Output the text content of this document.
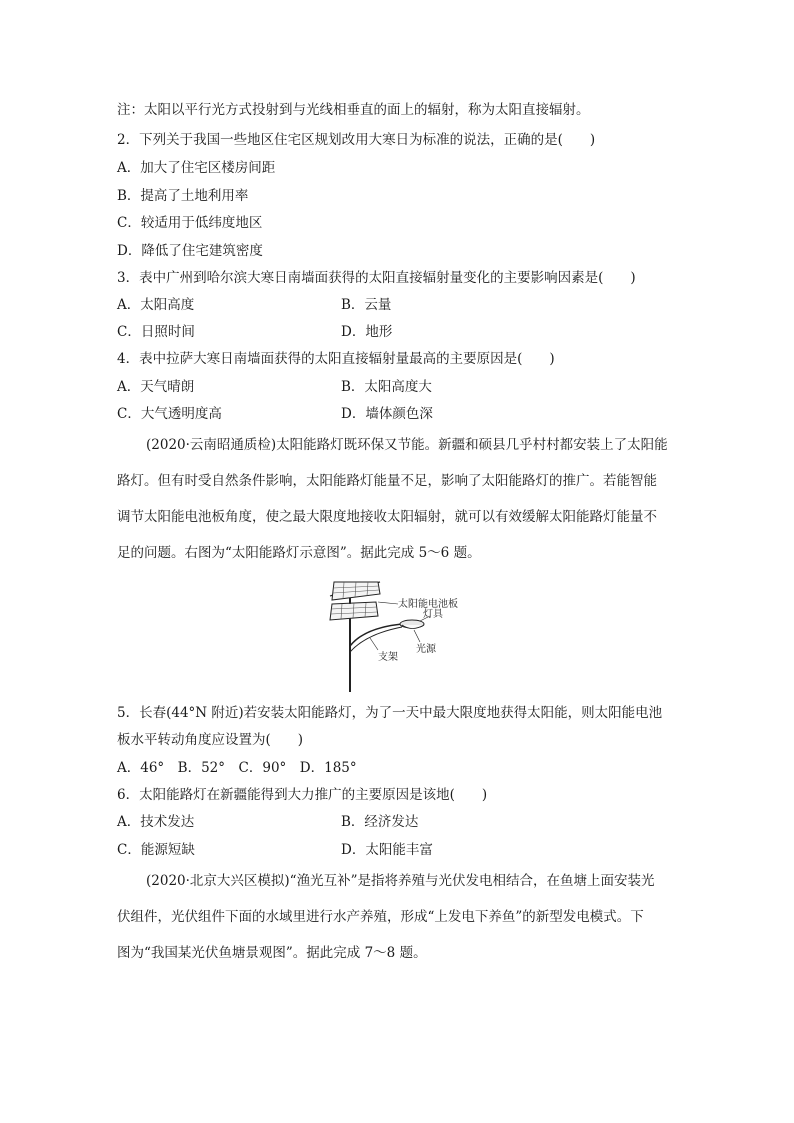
注：太阳以平行光方式投射到与光线相垂直的面上的辐射，称为太阳直接辐射。
2．下列关于我国一些地区住宅区规划改用大寒日为标准的说法，正确的是(　　)
A．加大了住宅区楼房间距
B．提高了土地利用率
C．较适用于低纬度地区
D．降低了住宅建筑密度
3．表中广州到哈尔滨大寒日南墙面获得的太阳直接辐射量变化的主要影响因素是(　　)
A．太阳高度	B．云量
C．日照时间	D．地形
4．表中拉萨大寒日南墙面获得的太阳直接辐射量最高的主要原因是(　　)
A．天气晴朗	B．太阳高度大
C．大气透明度高	D．墙体颜色深
(2020·云南昭通质检)太阳能路灯既环保又节能。新疆和硕县几乎村村都安装上了太阳能
路灯。但有时受自然条件影响，太阳能路灯能量不足，影响了太阳能路灯的推广。若能智能
调节太阳能电池板角度，使之最大限度地接收太阳辐射，就可以有效缓解太阳能路灯能量不
足的问题。右图为“太阳能路灯示意图”。据此完成 5～6 题。
太阳能电池板
灯具
支架
光源
5．长春(44°N 附近)若安装太阳能路灯，为了一天中最大限度地获得太阳能，则太阳能电池
板水平转动角度应设置为(　　)
A．46°　B．52°　C．90°　D．185°
6．太阳能路灯在新疆能得到大力推广的主要原因是该地(　　)
A．技术发达	B．经济发达
C．能源短缺	D．太阳能丰富
(2020·北京大兴区模拟)“渔光互补”是指将养殖与光伏发电相结合，在鱼塘上面安装光
伏组件，光伏组件下面的水域里进行水产养殖，形成“上发电下养鱼”的新型发电模式。下
图为“我国某光伏鱼塘景观图”。据此完成 7～8 题。
